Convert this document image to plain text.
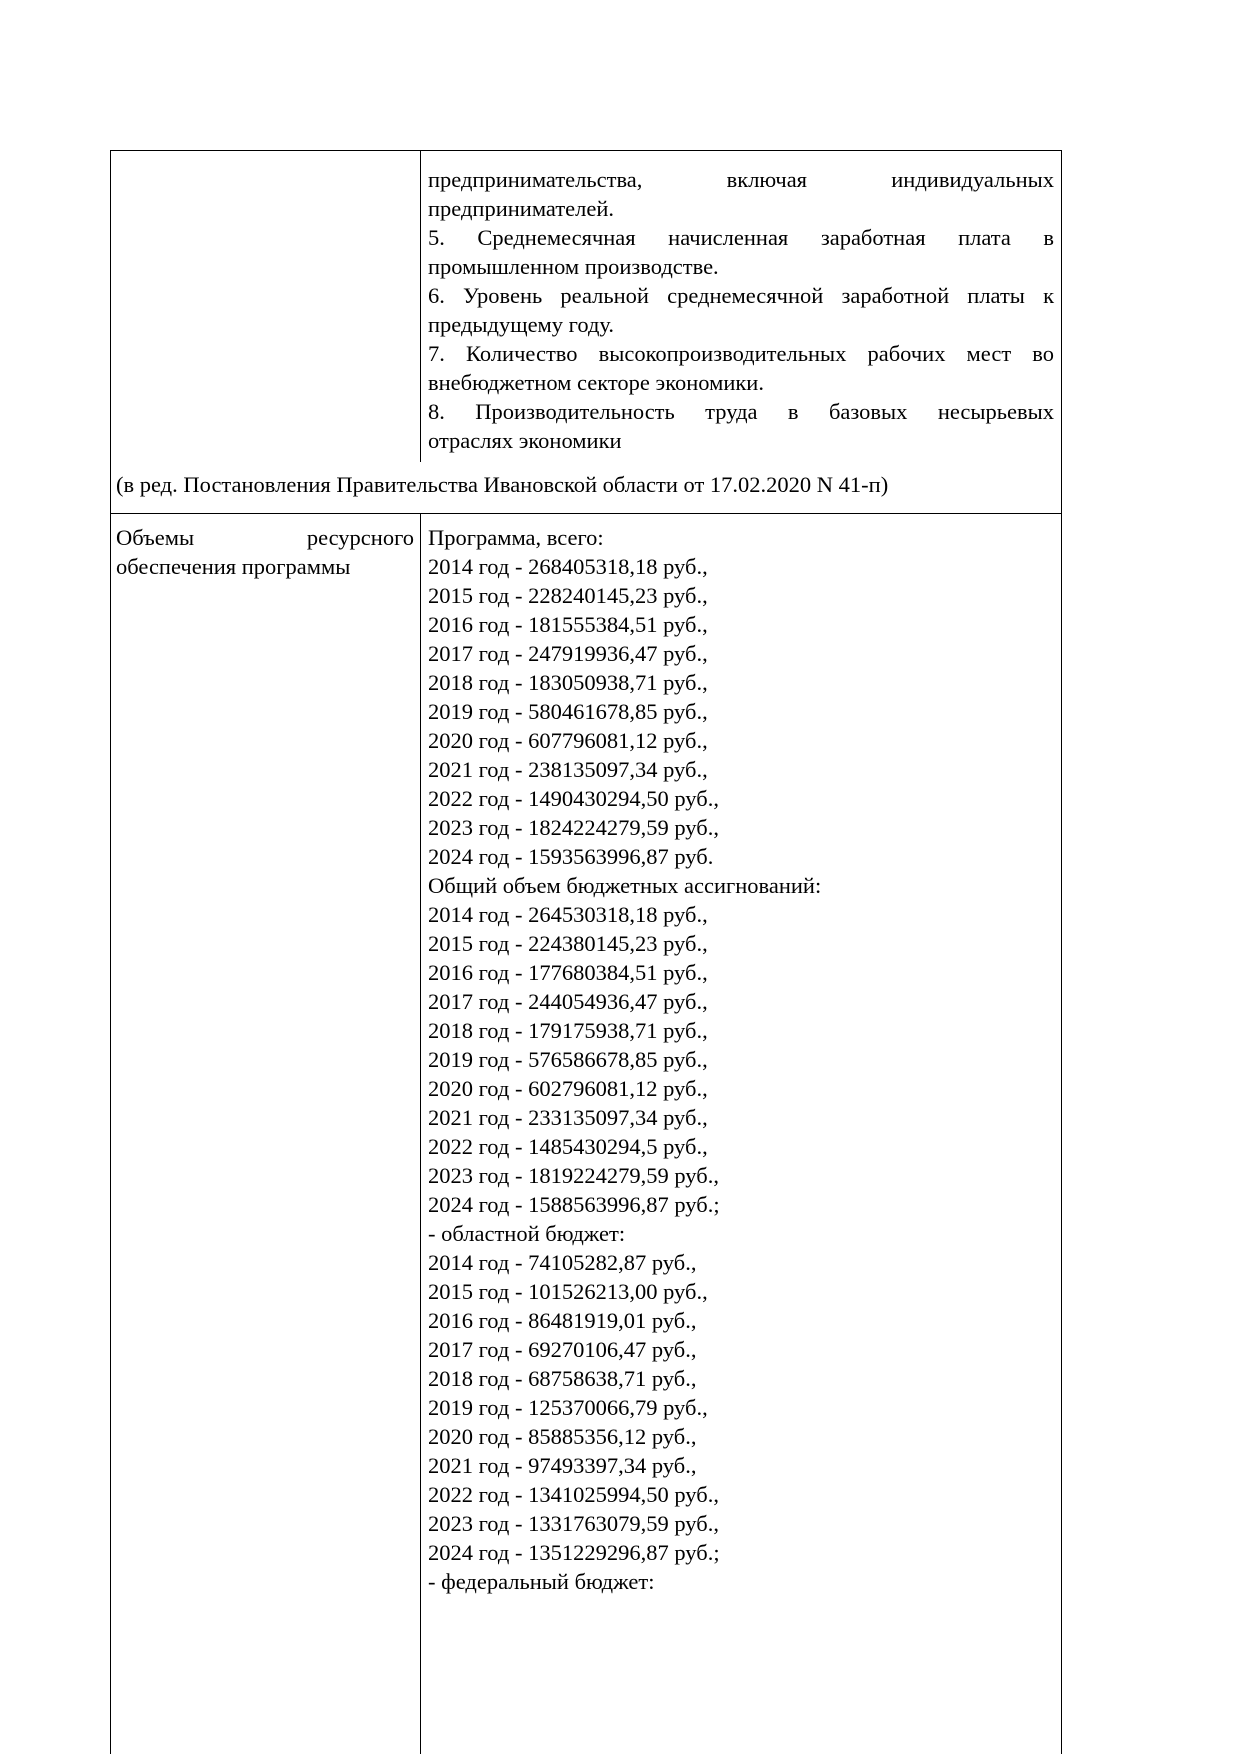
предпринимательства, включая индивидуальных
предпринимателей.
5. Среднемесячная начисленная заработная плата в
промышленном производстве.
6. Уровень реальной среднемесячной заработной платы к
предыдущему году.
7. Количество высокопроизводительных рабочих мест во
внебюджетном секторе экономики.
8. Производительность труда в базовых несырьевых
отраслях экономики
(в ред. Постановления Правительства Ивановской области от 17.02.2020 N 41-п)
Объемы ресурсного
обеспечения программы
Программа, всего:
2014 год - 268405318,18 руб.,
2015 год - 228240145,23 руб.,
2016 год - 181555384,51 руб.,
2017 год - 247919936,47 руб.,
2018 год - 183050938,71 руб.,
2019 год - 580461678,85 руб.,
2020 год - 607796081,12 руб.,
2021 год - 238135097,34 руб.,
2022 год - 1490430294,50 руб.,
2023 год - 1824224279,59 руб.,
2024 год - 1593563996,87 руб.
Общий объем бюджетных ассигнований:
2014 год - 264530318,18 руб.,
2015 год - 224380145,23 руб.,
2016 год - 177680384,51 руб.,
2017 год - 244054936,47 руб.,
2018 год - 179175938,71 руб.,
2019 год - 576586678,85 руб.,
2020 год - 602796081,12 руб.,
2021 год - 233135097,34 руб.,
2022 год - 1485430294,5 руб.,
2023 год - 1819224279,59 руб.,
2024 год - 1588563996,87 руб.;
- областной бюджет:
2014 год - 74105282,87 руб.,
2015 год - 101526213,00 руб.,
2016 год - 86481919,01 руб.,
2017 год - 69270106,47 руб.,
2018 год - 68758638,71 руб.,
2019 год - 125370066,79 руб.,
2020 год - 85885356,12 руб.,
2021 год - 97493397,34 руб.,
2022 год - 1341025994,50 руб.,
2023 год - 1331763079,59 руб.,
2024 год - 1351229296,87 руб.;
- федеральный бюджет:
